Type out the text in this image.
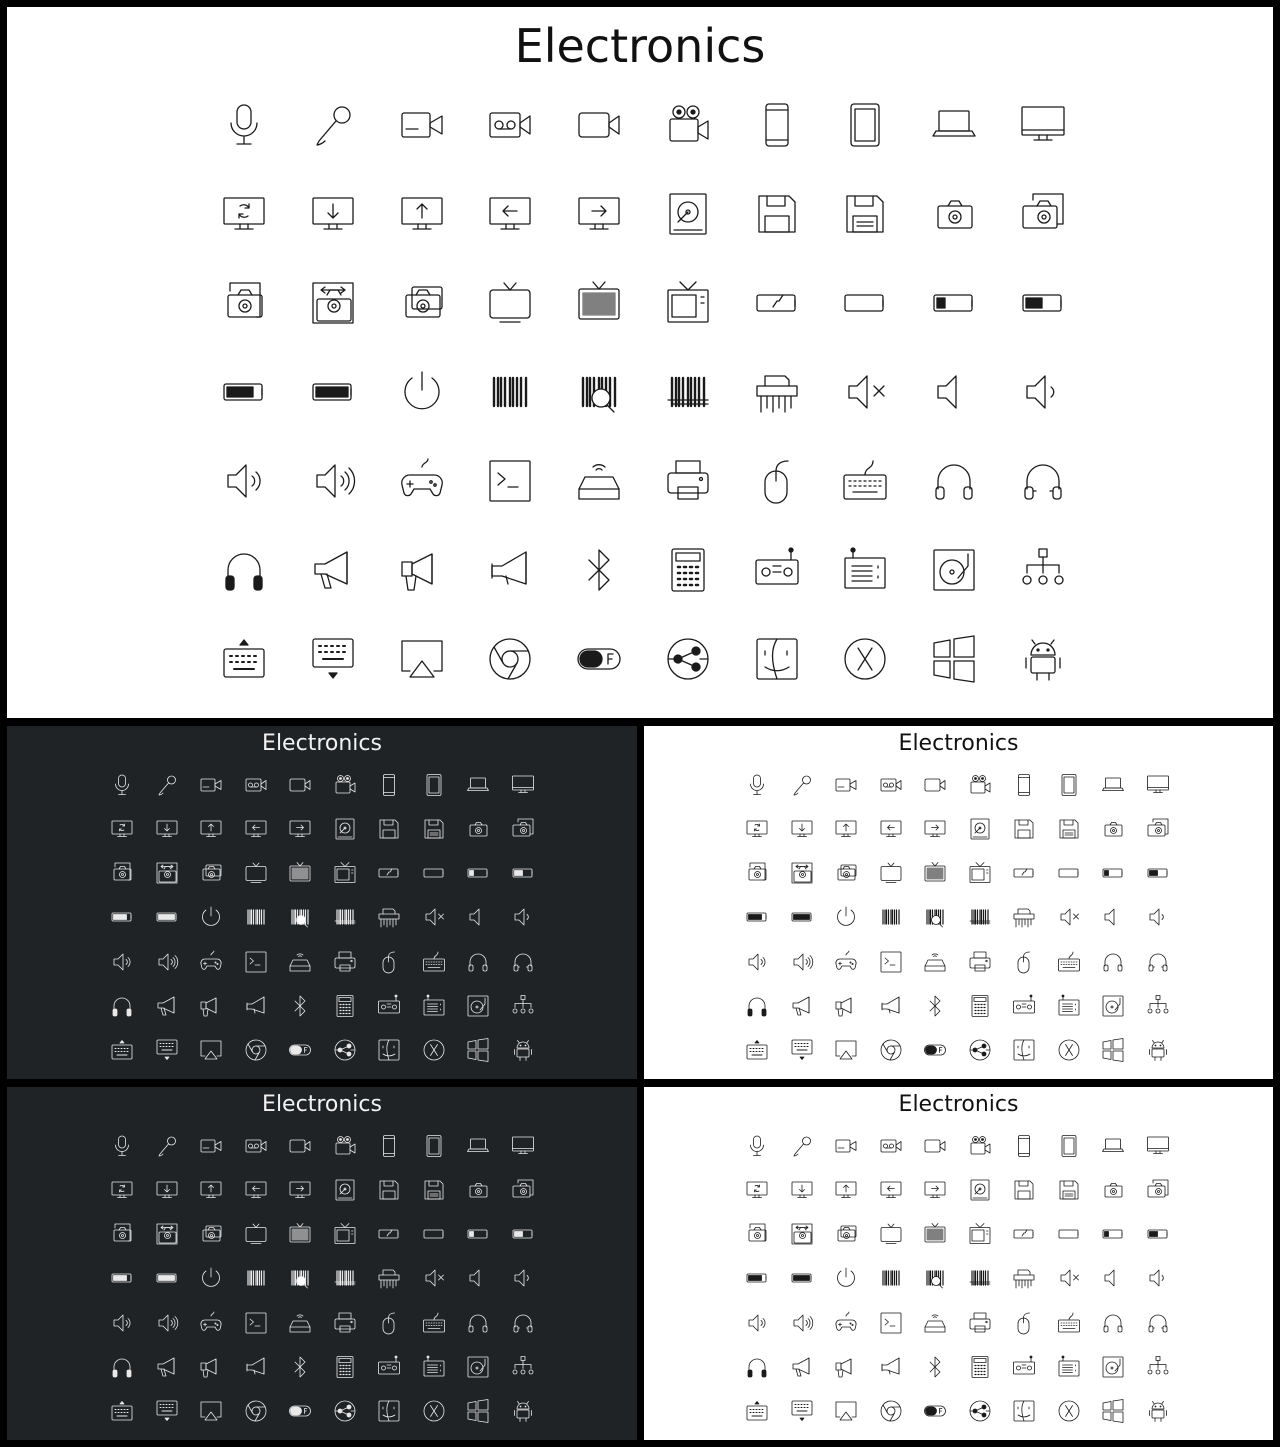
Electronics
Electronics	Electronics
Electronics	Electronics
